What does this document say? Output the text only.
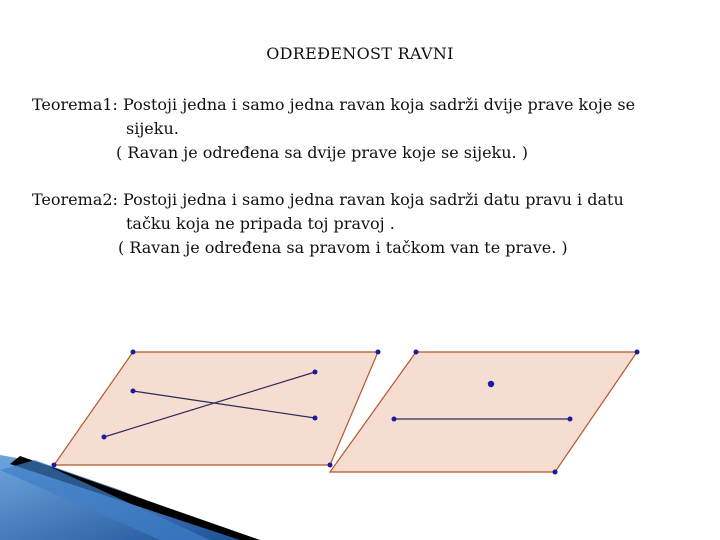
ODREĐENOST RAVNI
Teorema1: Postoji jedna i samo jedna ravan koja sadrži dvije prave koje se
sijeku.
( Ravan je određena sa dvije prave koje se sijeku. )
Teorema2: Postoji jedna i samo jedna ravan koja sadrži datu pravu i datu
tačku koja ne pripada toj pravoj .
( Ravan je određena sa pravom i tačkom van te prave. )
